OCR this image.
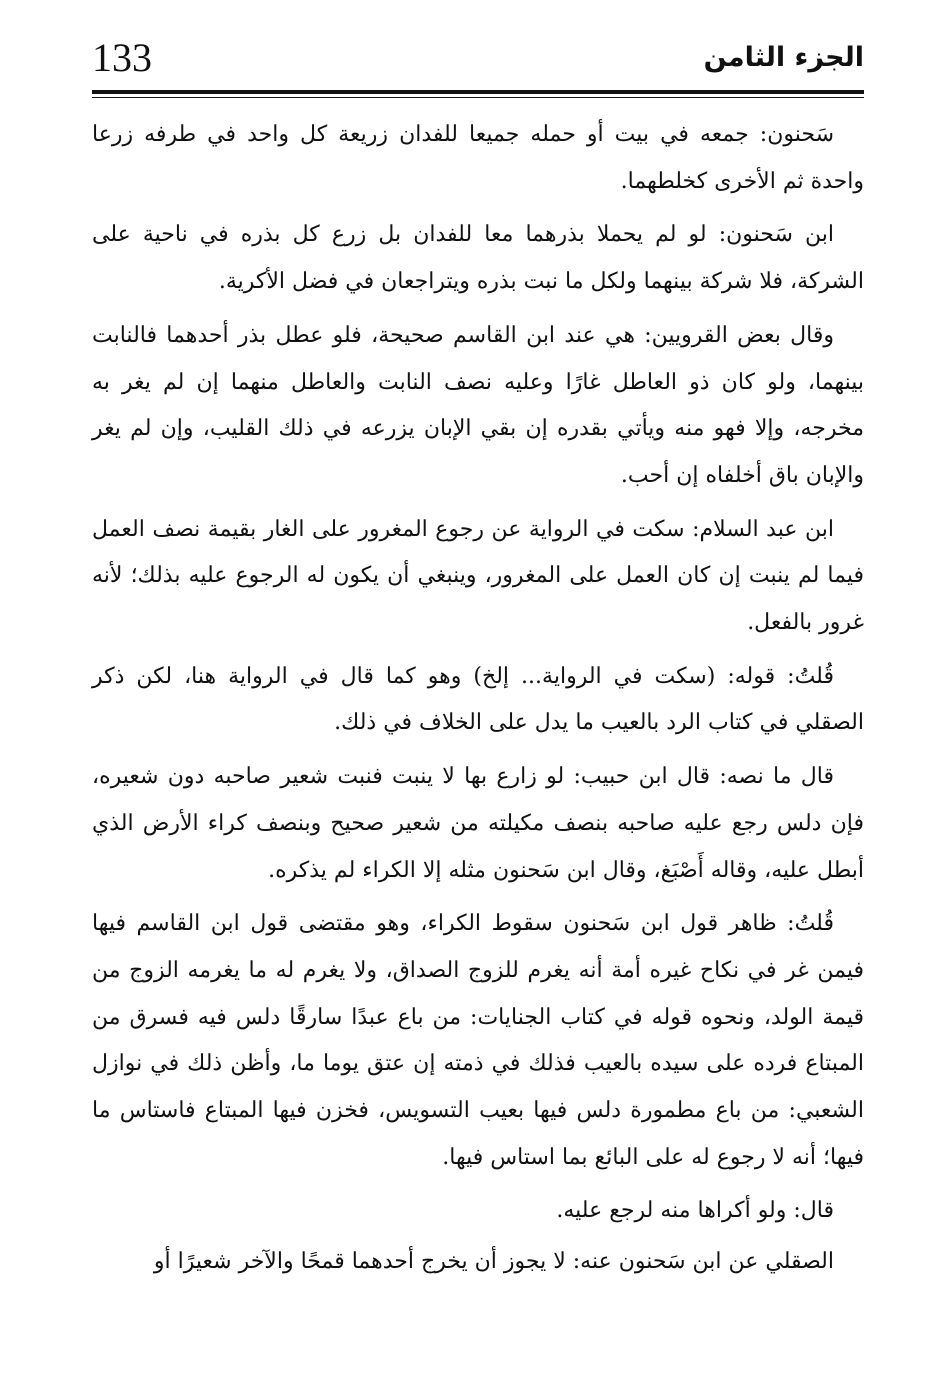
133	الجزء الثامن

سَحنون: جمعه في بيت أو حمله جميعا للفدان زريعة كل واحد في طرفه زرعا واحدة ثم الأخرى كخلطهما.

ابن سَحنون: لو لم يحملا بذرهما معا للفدان بل زرع كل بذره في ناحية على الشركة، فلا شركة بينهما ولكل ما نبت بذره ويتراجعان في فضل الأكرية.

وقال بعض القرويين: هي عند ابن القاسم صحيحة، فلو عطل بذر أحدهما فالنابت بينهما، ولو كان ذو العاطل غارًا وعليه نصف النابت والعاطل منهما إن لم يغر به مخرجه، وإلا فهو منه ويأتي بقدره إن بقي الإبان يزرعه في ذلك القليب، وإن لم يغر والإبان باق أخلفاه إن أحب.

ابن عبد السلام: سكت في الرواية عن رجوع المغرور على الغار بقيمة نصف العمل فيما لم ينبت إن كان العمل على المغرور، وينبغي أن يكون له الرجوع عليه بذلك؛ لأنه غرور بالفعل.

قُلتُ: قوله: (سكت في الرواية... إلخ) وهو كما قال في الرواية هنا، لكن ذكر الصقلي في كتاب الرد بالعيب ما يدل على الخلاف في ذلك.

قال ما نصه: قال ابن حبيب: لو زارع بها لا ينبت فنبت شعير صاحبه دون شعيره، فإن دلس رجع عليه صاحبه بنصف مكيلته من شعير صحيح وبنصف كراء الأرض الذي أبطل عليه، وقاله أَصْبَغ، وقال ابن سَحنون مثله إلا الكراء لم يذكره.

قُلتُ: ظاهر قول ابن سَحنون سقوط الكراء، وهو مقتضى قول ابن القاسم فيها فيمن غر في نكاح غيره أمة أنه يغرم للزوج الصداق، ولا يغرم له ما يغرمه الزوج من قيمة الولد، ونحوه قوله في كتاب الجنايات: من باع عبدًا سارقًا دلس فيه فسرق من المبتاع فرده على سيده بالعيب فذلك في ذمته إن عتق يوما ما، وأظن ذلك في نوازل الشعبي: من باع مطمورة دلس فيها بعيب التسويس، فخزن فيها المبتاع فاستاس ما فيها؛ أنه لا رجوع له على البائع بما استاس فيها.

قال: ولو أكراها منه لرجع عليه.

الصقلي عن ابن سَحنون عنه: لا يجوز أن يخرج أحدهما قمحًا والآخر شعيرًا أو
